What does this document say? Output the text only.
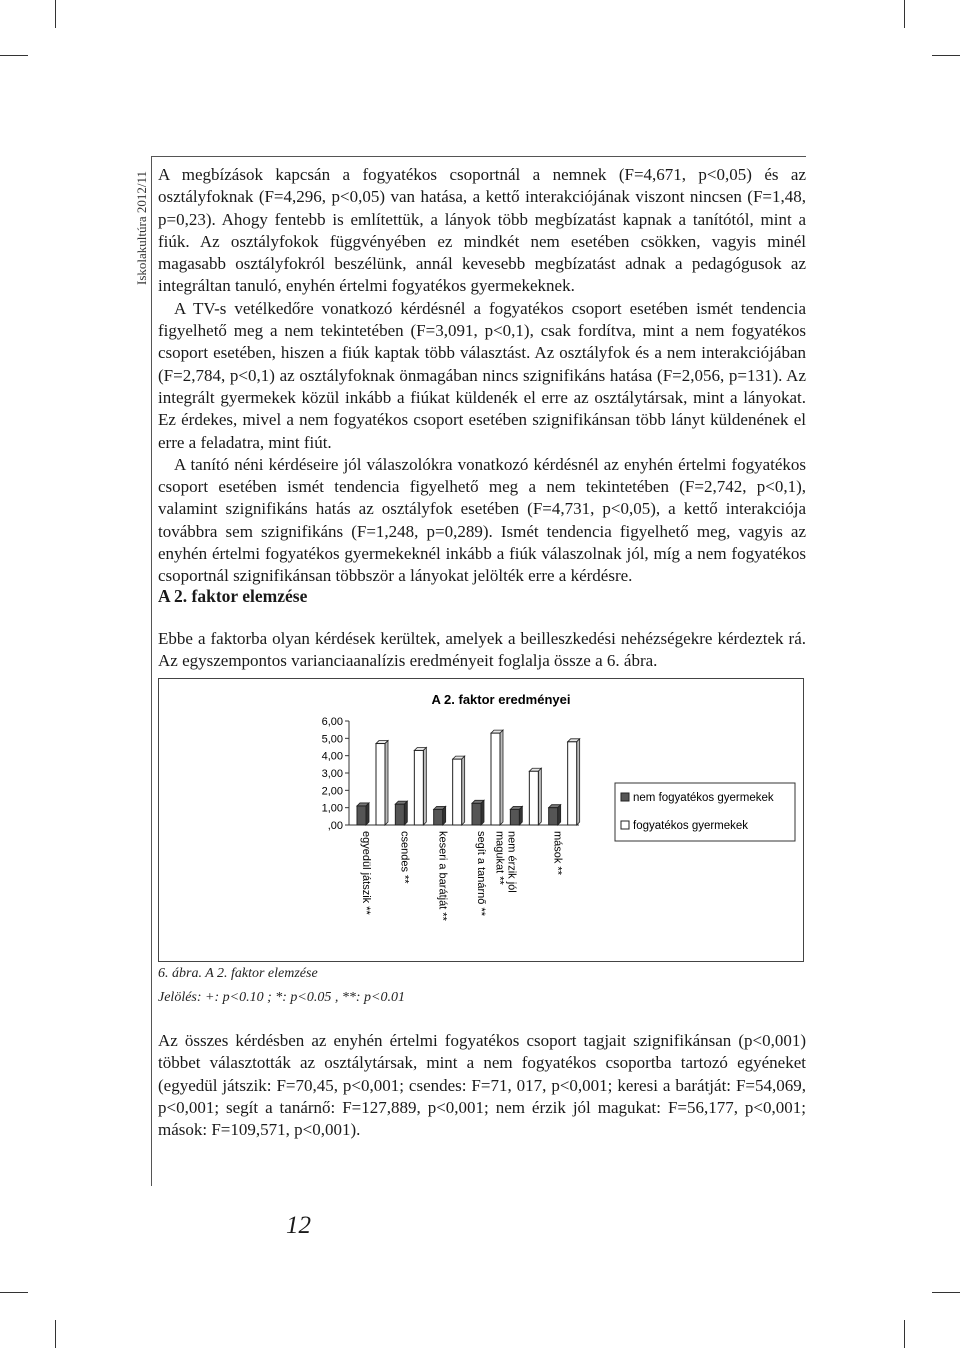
Iskolakultúra 2012/11 A megbízások kapcsán a fogyatékos csoportnál a nemnek (F=4,671, p<0,05) és az osztályfoknak (F=4,296, p<0,05) van hatása, a kettő interakciójának viszont nincsen (F=1,48, p=0,23). Ahogy fentebb is említettük, a lányok több megbízatást kapnak a tanítótól, mint a fiúk. Az osztályfokok függvényében ez mindkét nem esetében csökken, vagyis minél magasabb osztályfokról beszélünk, annál kevesebb megbízatást adnak a pedagógusok az integráltan tanuló, enyhén értelmi fogyatékos gyermekeknek.

A TV-s vetélkedőre vonatkozó kérdésnél a fogyatékos csoport esetében ismét tendencia figyelhető meg a nem tekintetében (F=3,091, p<0,1), csak fordítva, mint a nem fogyatékos csoport esetében, hiszen a fiúk kaptak több választást. Az osztályfok és a nem interakciójában (F=2,784, p<0,1) az osztályfoknak önmagában nincs szignifikáns hatása (F=2,056, p=131). Az integrált gyermekek közül inkább a fiúkat küldenék el erre az osztálytársak, mint a lányokat. Ez érdekes, mivel a nem fogyatékos csoport esetében szignifikánsan több lányt küldenének el erre a feladatra, mint fiút.

A tanító néni kérdéseire jól válaszolókra vonatkozó kérdésnél az enyhén értelmi fogyatékos csoport esetében ismét tendencia figyelhető meg a nem tekintetében (F=2,742, p<0,1), valamint szignifikáns hatás az osztályfok esetében (F=4,731, p<0,05), a kettő interakciója továbbra sem szignifikáns (F=1,248, p=0,289). Ismét tendencia figyelhető meg, vagyis az enyhén értelmi fogyatékos gyermekeknél inkább a fiúk válaszolnak jól, míg a nem fogyatékos csoportnál szignifikánsan többször a lányokat jelölték erre a kérdésre.

A 2. faktor elemzése

Ebbe a faktorba olyan kérdések kerültek, amelyek a beilleszkedési nehézségekre kérdeztek rá. Az egyszempontos varianciaanalízis eredményeit foglalja össze a 6. ábra.

A 2. faktor eredményei
6,00
5,00
4,00
3,00
2,00
1,00
,00
egyedül játszik ** csendes ** keseri a barátját ** segít a tanárnő **	nem érzik jólmagukat **	mások **
nem fogyatékos gyermekek
fogyatékos gyermekek
6. ábra. A 2. faktor elemzése
Jelölés: +: p<0.10 ; *: p<0.05 , **: p<0.01

Az összes kérdésben az enyhén értelmi fogyatékos csoport tagjait szignifikánsan (p<0,001) többet választották az osztálytársak, mint a nem fogyatékos csoportba tartozó egyéneket (egyedül játszik: F=70,45, p<0,001; csendes: F=71, 017, p<0,001; keresi a barátját: F=54,069, p<0,001; segít a tanárnő: F=127,889, p<0,001; nem érzik jól magukat: F=56,177, p<0,001; mások: F=109,571, p<0,001).

12
